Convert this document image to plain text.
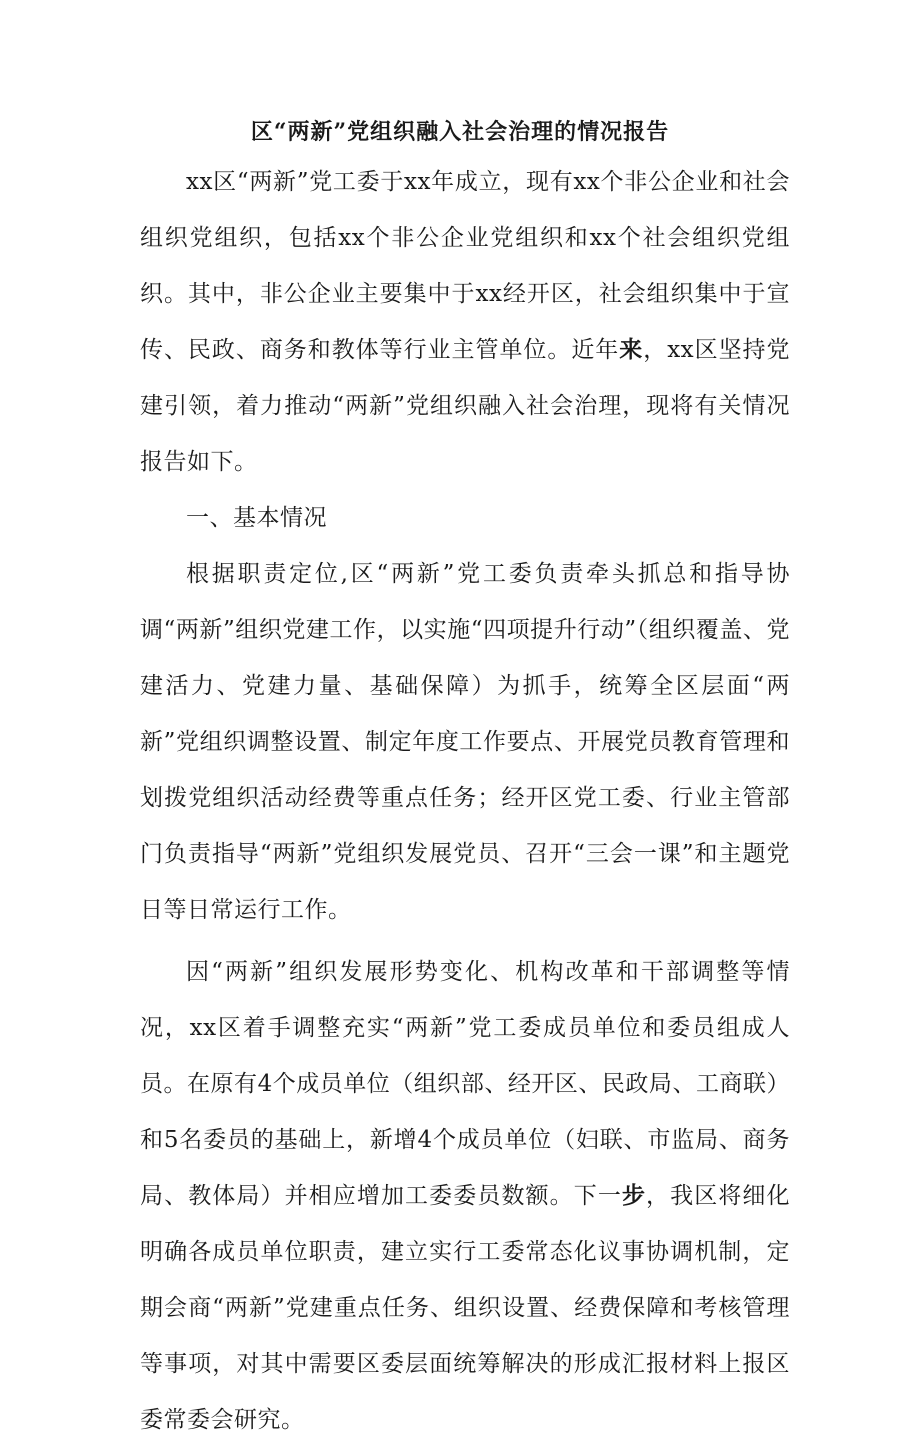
区“两新”党组织融入社会治理的情况报告

xx区“两新”党工委于xx年成立，现有xx个非公企业和社会组织党组织，包括xx个非公企业党组织和xx个社会组织党组织。其中，非公企业主要集中于xx经开区，社会组织集中于宣传、民政、商务和教体等行业主管单位。近年来，xx区坚持党建引领，着力推动“两新”党组织融入社会治理，现将有关情况报告如下。

一、基本情况

根据职责定位,区“两新”党工委负责牵头抓总和指导协调“两新”组织党建工作，以实施“四项提升行动”（组织覆盖、党建活力、党建力量、基础保障）为抓手，统筹全区层面“两新”党组织调整设置、制定年度工作要点、开展党员教育管理和划拨党组织活动经费等重点任务；经开区党工委、行业主管部门负责指导“两新”党组织发展党员、召开“三会一课”和主题党日等日常运行工作。

因“两新”组织发展形势变化、机构改革和干部调整等情况，xx区着手调整充实“两新”党工委成员单位和委员组成人员。在原有4个成员单位（组织部、经开区、民政局、工商联）和5名委员的基础上，新增4个成员单位（妇联、市监局、商务局、教体局）并相应增加工委委员数额。下一步，我区将细化明确各成员单位职责，建立实行工委常态化议事协调机制，定期会商“两新”党建重点任务、组织设置、经费保障和考核管理等事项，对其中需要区委层面统筹解决的形成汇报材料上报区委常委会研究。
